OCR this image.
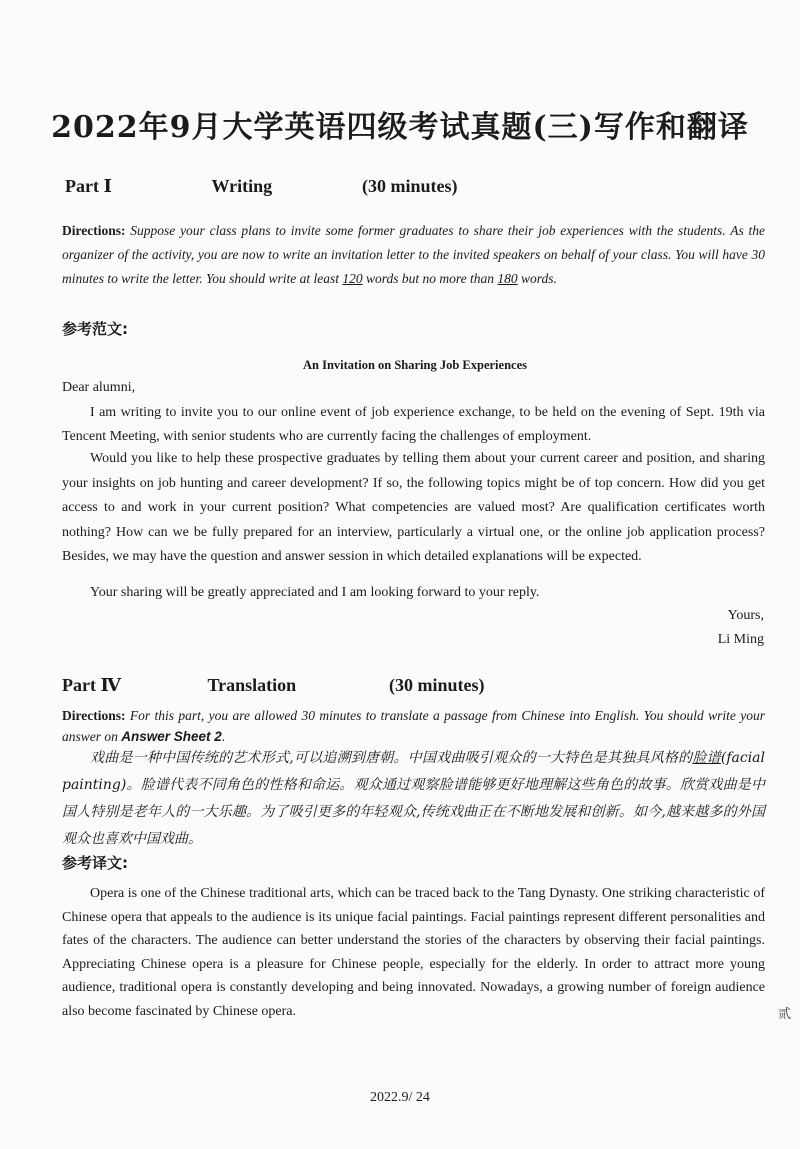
2022年9月大学英语四级考试真题(三)写作和翻译
Part Ⅰ	Writing	(30 minutes)
Directions: Suppose your class plans to invite some former graduates to share their job experiences with the students. As the organizer of the activity, you are now to write an invitation letter to the invited speakers on behalf of your class. You will have 30 minutes to write the letter. You should write at least 120 words but no more than 180 words.
参考范文:
An Invitation on Sharing Job Experiences
Dear alumni,
I am writing to invite you to our online event of job experience exchange, to be held on the evening of Sept. 19th via Tencent Meeting, with senior students who are currently facing the challenges of employment.
Would you like to help these prospective graduates by telling them about your current career and position, and sharing your insights on job hunting and career development? If so, the following topics might be of top concern. How did you get access to and work in your current position? What competencies are valued most? Are qualification certificates worth nothing? How can we be fully prepared for an interview, particularly a virtual one, or the online job application process? Besides, we may have the question and answer session in which detailed explanations will be expected.
Your sharing will be greatly appreciated and I am looking forward to your reply.
Yours,
Li Ming
Part Ⅳ	Translation	(30 minutes)
Directions: For this part, you are allowed 30 minutes to translate a passage from Chinese into English. You should write your answer on Answer Sheet 2.
戏曲是一种中国传统的艺术形式,可以追溯到唐朝。中国戏曲吸引观众的一大特色是其独具风格的脸谱(facial painting)。脸谱代表不同角色的性格和命运。观众通过观察脸谱能够更好地理解这些角色的故事。欣赏戏曲是中国人特别是老年人的一大乐趣。为了吸引更多的年轻观众,传统戏曲正在不断地发展和创新。如今,越来越多的外国观众也喜欢中国戏曲。
参考译文:
Opera is one of the Chinese traditional arts, which can be traced back to the Tang Dynasty. One striking characteristic of Chinese opera that appeals to the audience is its unique facial paintings. Facial paintings represent different personalities and fates of the characters. The audience can better understand the stories of the characters by observing their facial paintings. Appreciating Chinese opera is a pleasure for Chinese people, especially for the elderly. In order to attract more young audience, traditional opera is constantly developing and being innovated. Nowadays, a growing number of foreign audience also become fascinated by Chinese opera.	贰
2022.9/ 24
